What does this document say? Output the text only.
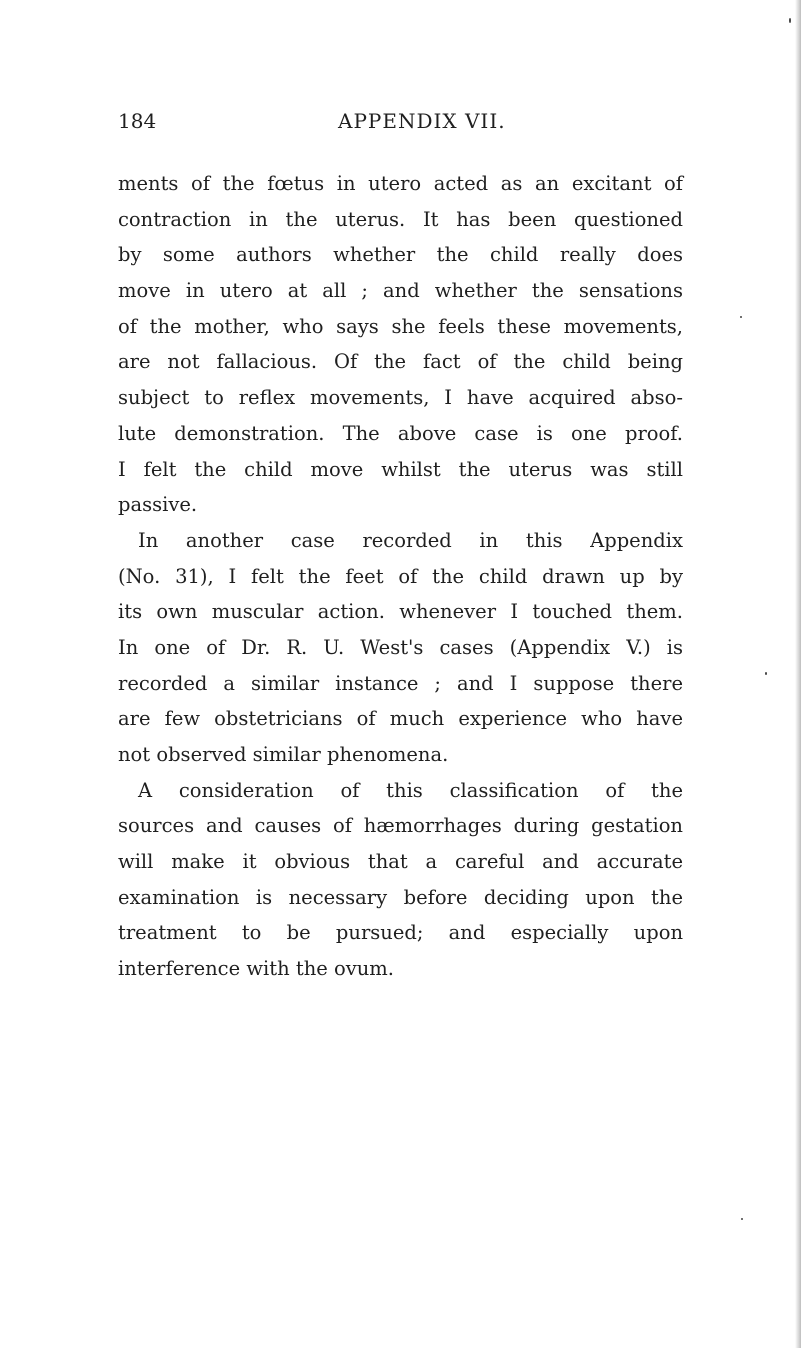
184	APPENDIX VII.
ments of the fœtus in utero acted as an excitant of
contraction in the uterus. It has been questioned
by some authors whether the child really does
move in utero at all ; and whether the sensations
of the mother, who says she feels these movements,
are not fallacious. Of the fact of the child being
subject to reflex movements, I have acquired abso-
lute demonstration. The above case is one proof.
I felt the child move whilst the uterus was still
passive.
In another case recorded in this Appendix
(No. 31), I felt the feet of the child drawn up by
its own muscular action. whenever I touched them.
In one of Dr. R. U. West's cases (Appendix V.) is
recorded a similar instance ; and I suppose there
are few obstetricians of much experience who have
not observed similar phenomena.
A consideration of this classification of the
sources and causes of hæmorrhages during gestation
will make it obvious that a careful and accurate
examination is necessary before deciding upon the
treatment to be pursued; and especially upon
interference with the ovum.
